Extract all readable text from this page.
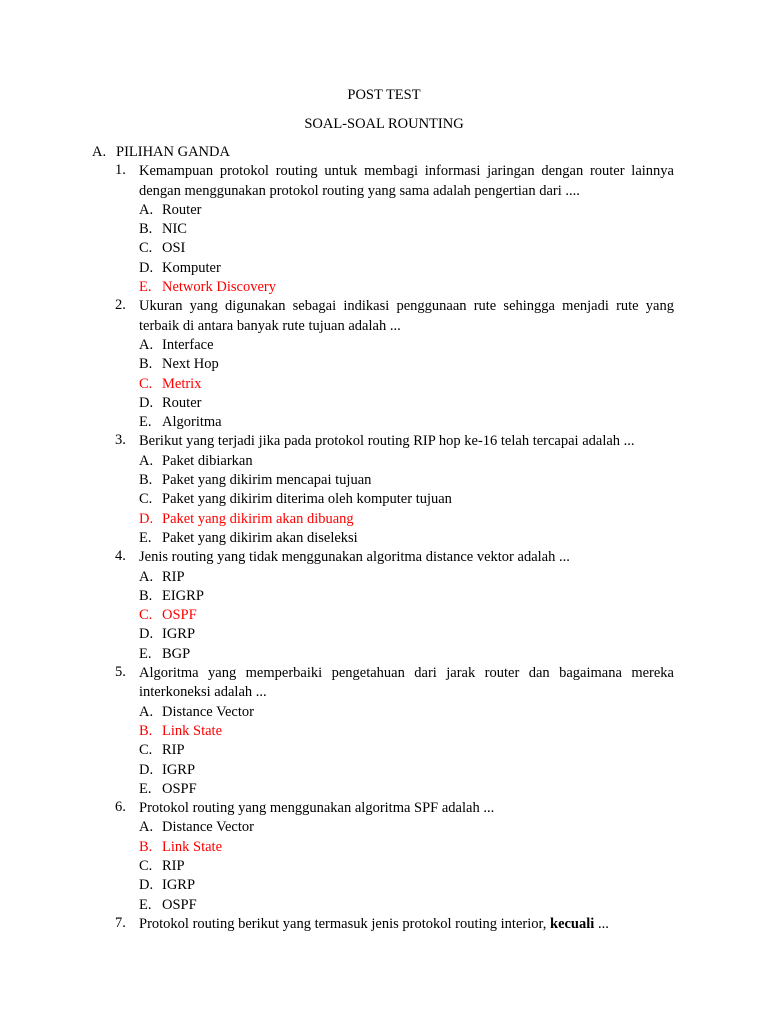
POST TEST
SOAL-SOAL ROUNTING
A. PILIHAN GANDA
1. Kemampuan protokol routing untuk membagi informasi jaringan dengan router lainnya dengan menggunakan protokol routing yang sama adalah pengertian dari ....
A. Router
B. NIC
C. OSI
D. Komputer
E. Network Discovery
2. Ukuran yang digunakan sebagai indikasi penggunaan rute sehingga menjadi rute yang terbaik di antara banyak rute tujuan adalah ...
A. Interface
B. Next Hop
C. Metrix
D. Router
E. Algoritma
3. Berikut yang terjadi jika pada protokol routing RIP hop ke-16 telah tercapai adalah ...
A. Paket dibiarkan
B. Paket yang dikirim mencapai tujuan
C. Paket yang dikirim diterima oleh komputer tujuan
D. Paket yang dikirim akan dibuang
E. Paket yang dikirim akan diseleksi
4. Jenis routing yang tidak menggunakan algoritma distance vektor adalah ...
A. RIP
B. EIGRP
C. OSPF
D. IGRP
E. BGP
5. Algoritma yang memperbaiki pengetahuan dari jarak router dan bagaimana mereka interkoneksi adalah ...
A. Distance Vector
B. Link State
C. RIP
D. IGRP
E. OSPF
6. Protokol routing yang menggunakan algoritma SPF adalah ...
A. Distance Vector
B. Link State
C. RIP
D. IGRP
E. OSPF
7. Protokol routing berikut yang termasuk jenis protokol routing interior, kecuali ...
